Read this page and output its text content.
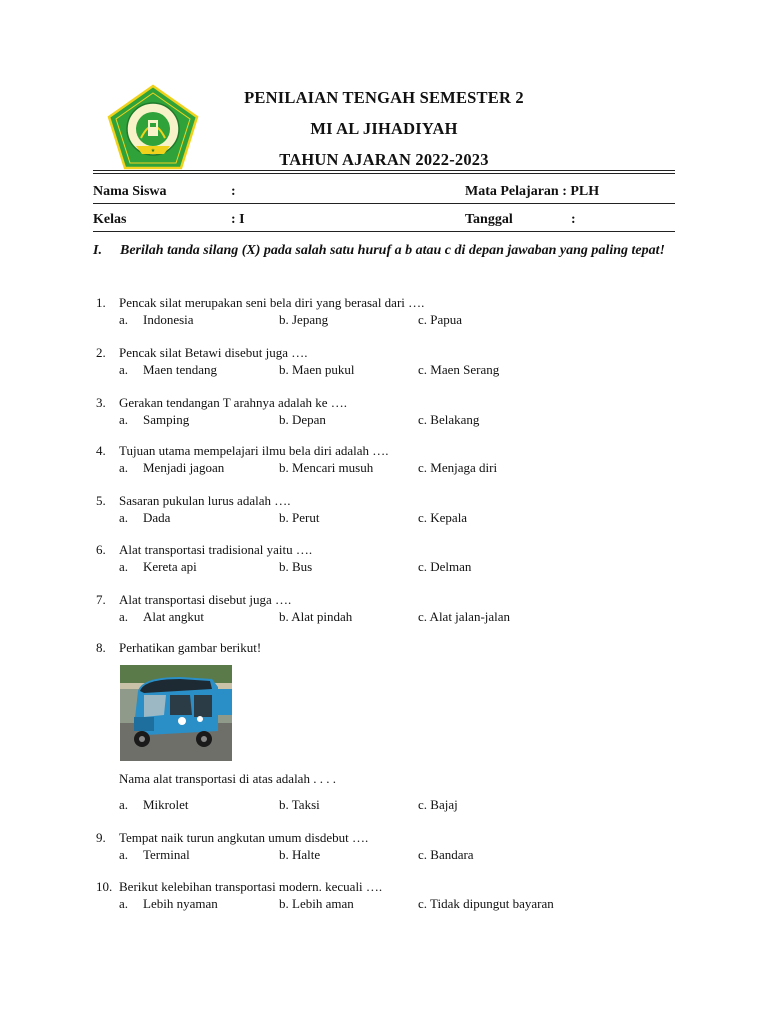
★
PENILAIAN TENGAH SEMESTER 2
MI AL JIHADIYAH
TAHUN AJARAN 2022-2023
Nama Siswa	:	Mata Pelajaran : PLH
Kelas	: I	Tanggal	:
I. Berilah tanda silang (X) pada salah satu huruf a b atau c di depan jawaban yang paling tepat!
1. Pencak silat merupakan seni bela diri yang berasal dari ….
a. Indonesia	b. Jepang	c. Papua
2. Pencak silat Betawi disebut juga ….
a. Maen tendang	b. Maen pukul	c. Maen Serang
3. Gerakan tendangan T arahnya adalah ke ….
a. Samping	b. Depan	c. Belakang
4. Tujuan utama mempelajari ilmu bela diri adalah ….
a. Menjadi jagoan	b. Mencari musuh	c. Menjaga diri
5. Sasaran pukulan lurus adalah ….
a. Dada	b. Perut	c. Kepala
6. Alat transportasi tradisional yaitu ….
a. Kereta api	b. Bus	c. Delman
7. Alat transportasi disebut juga ….
a. Alat angkut	b. Alat pindah	c. Alat jalan-jalan
8. Perhatikan gambar berikut!
Nama alat transportasi di atas adalah . . . .
a. Mikrolet	b. Taksi	c. Bajaj
9. Tempat naik turun angkutan umum disdebut ….
a. Terminal	b. Halte	c. Bandara
10. Berikut kelebihan transportasi modern. kecuali ….
a. Lebih nyaman	b. Lebih aman	c. Tidak dipungut bayaran
